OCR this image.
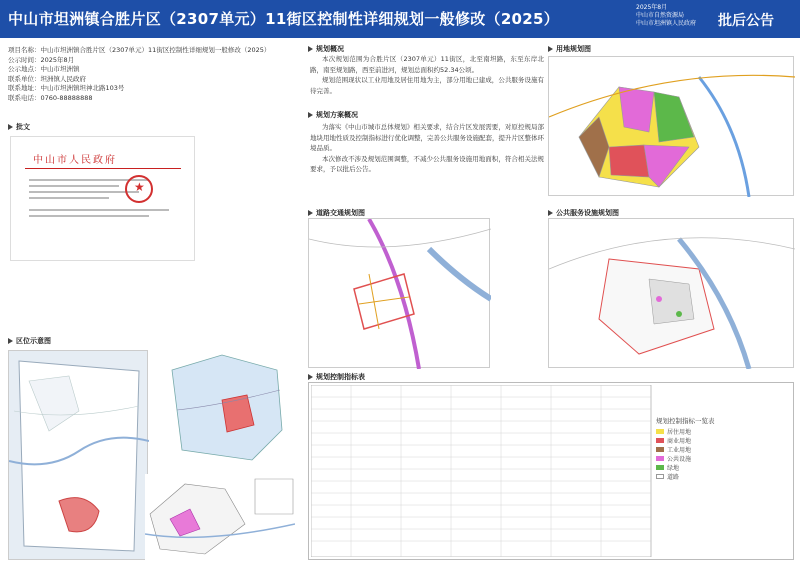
中山市坦洲镇合胜片区（2307单元）11街区控制性详细规划一般修改（2025）
2025年8月
中山市自然资源局
中山市坦洲镇人民政府 批后公告
项目名称：中山市坦洲镇合胜片区（2307单元）11街区控制性详细规划一般修改（2025）
公示时间：2025年8月
公示地点：中山市坦洲镇
联系单位：坦洲镇人民政府
联系地址：中山市坦洲镇坦神北路103号
联系电话：0760-88888888
批文
中山市人民政府
★
区位示意图
规划概况

本次规划范围为合胜片区（2307单元）11街区，北至南坦路，东至东岸北路，南至规划路，西至前进河，规划总面积约52.34公顷。

规划范围现状以工业用地及居住用地为主，部分用地已建成，公共服务设施有待完善。

规划方案概况

为落实《中山市城市总体规划》相关要求，结合片区发展需要，对原控规局部地块用地性质及控制指标进行优化调整，完善公共服务设施配套，提升片区整体环境品质。

本次修改不涉及规划范围调整，不减少公共服务设施用地面积，符合相关法规要求，予以批后公告。

用地规划图
道路交通规划图	公共服务设施规划图
规划控制指标表
规划控制指标一览表
居住用地
商业用地
工业用地
公共设施
绿地
道路
